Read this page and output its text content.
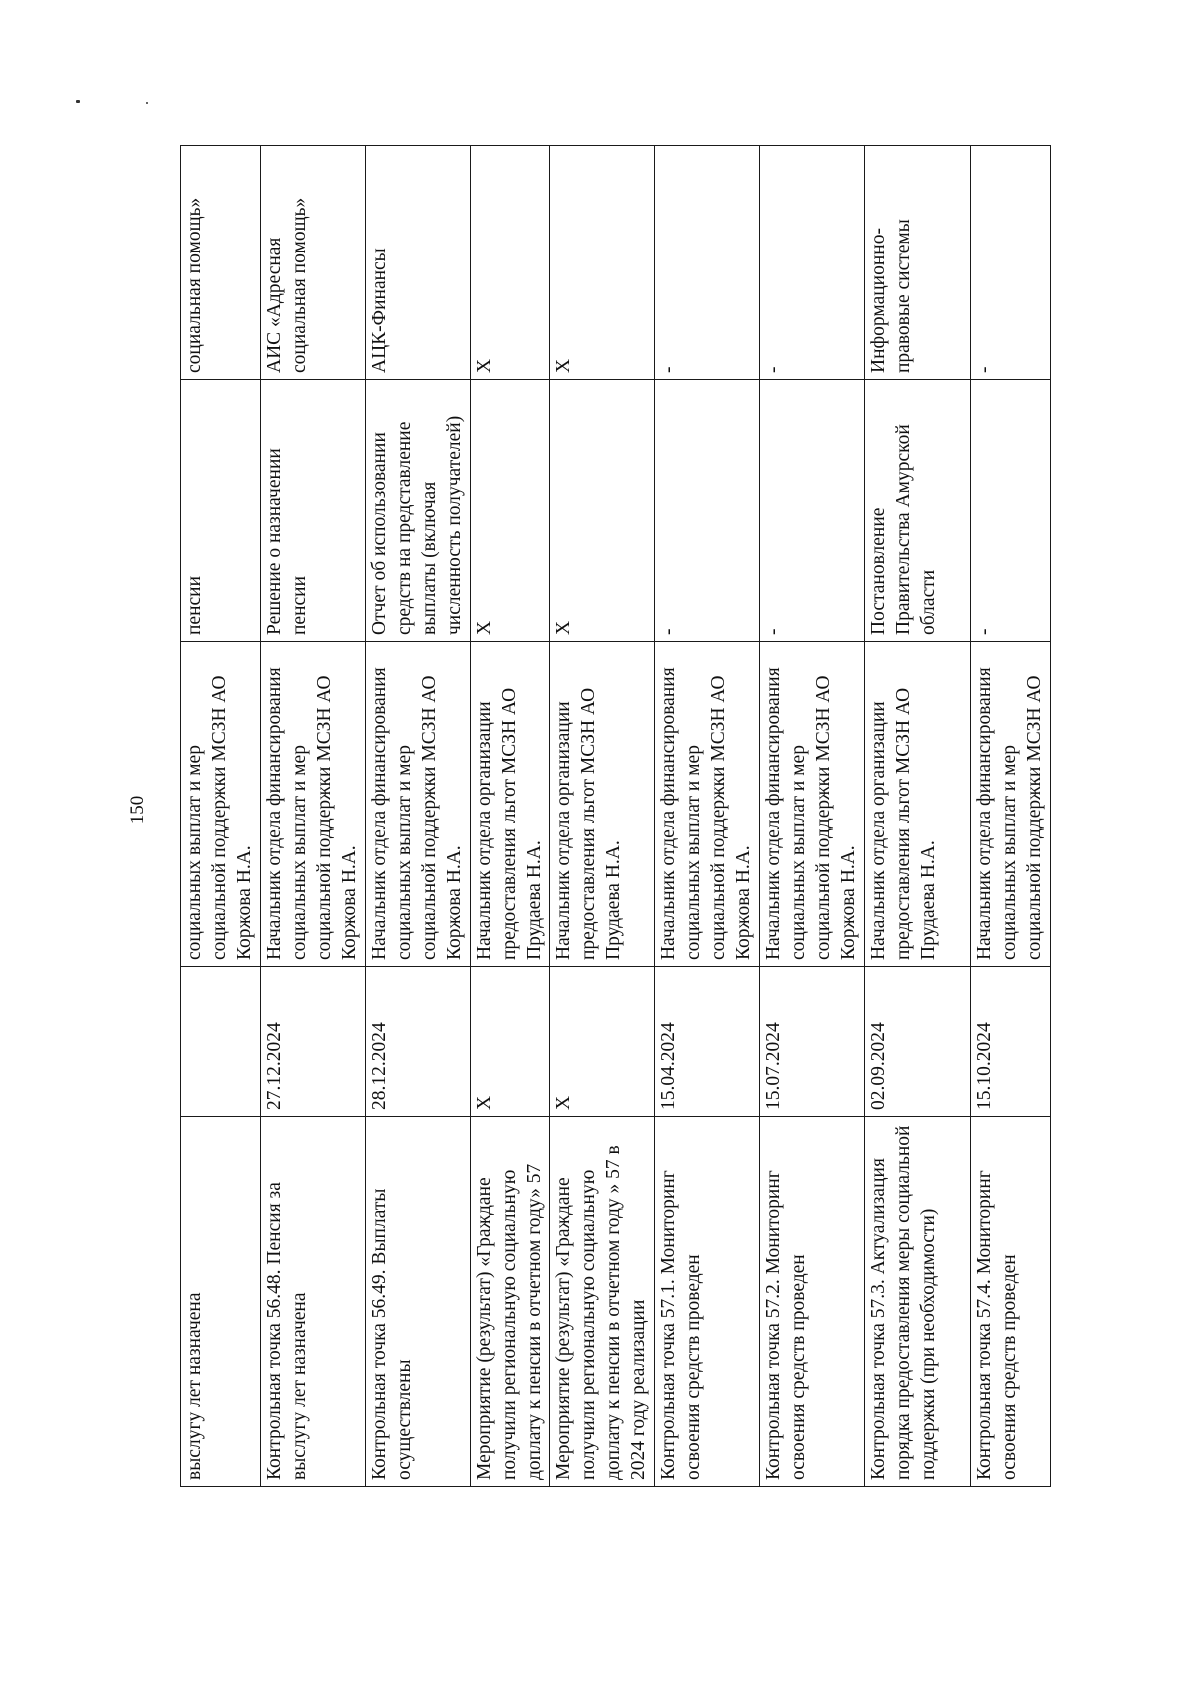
150
выслугу лет назначена		социальных выплат и мер социальной поддержки МСЗН АО Коржова Н.А.	пенсии	социальная помощь»
Контрольная точка 56.48. Пенсия за выслугу лет назначена	27.12.2024	Начальник отдела финансирования социальных выплат и мер социальной поддержки МСЗН АО Коржова Н.А.	Решение о назначении пенсии	АИС «Адресная социальная помощь»
Контрольная точка 56.49. Выплаты осуществлены	28.12.2024	Начальник отдела финансирования социальных выплат и мер социальной поддержки МСЗН АО Коржова Н.А.	Отчет об использовании средств на представление выплаты (включая численность получателей)	АЦК-Финансы
Мероприятие (результат) «Граждане получили региональную социальную доплату к пенсии в отчетном году» 57	Х	Начальник отдела организации предоставления льгот МСЗН АО Прудаева Н.А.	Х	Х
Мероприятие (результат) «Граждане получили региональную социальную доплату к пенсии в отчетном году » 57 в 2024 году реализации	Х	Начальник отдела организации предоставления льгот МСЗН АО Прудаева Н.А.	Х	Х
Контрольная точка 57.1. Мониторинг освоения средств проведен	15.04.2024	Начальник отдела финансирования социальных выплат и мер социальной поддержки МСЗН АО Коржова Н.А.	-	-
Контрольная точка 57.2. Мониторинг освоения средств проведен	15.07.2024	Начальник отдела финансирования социальных выплат и мер социальной поддержки МСЗН АО Коржова Н.А.	-	-
Контрольная точка 57.3. Актуализация порядка предоставления меры социальной поддержки (при необходимости)	02.09.2024	Начальник отдела организации предоставления льгот МСЗН АО Прудаева Н.А.	Постановление Правительства Амурской области	Информационно-правовые системы
Контрольная точка 57.4. Мониторинг освоения средств проведен	15.10.2024	Начальник отдела финансирования социальных выплат и мер социальной поддержки МСЗН АО	-	-
